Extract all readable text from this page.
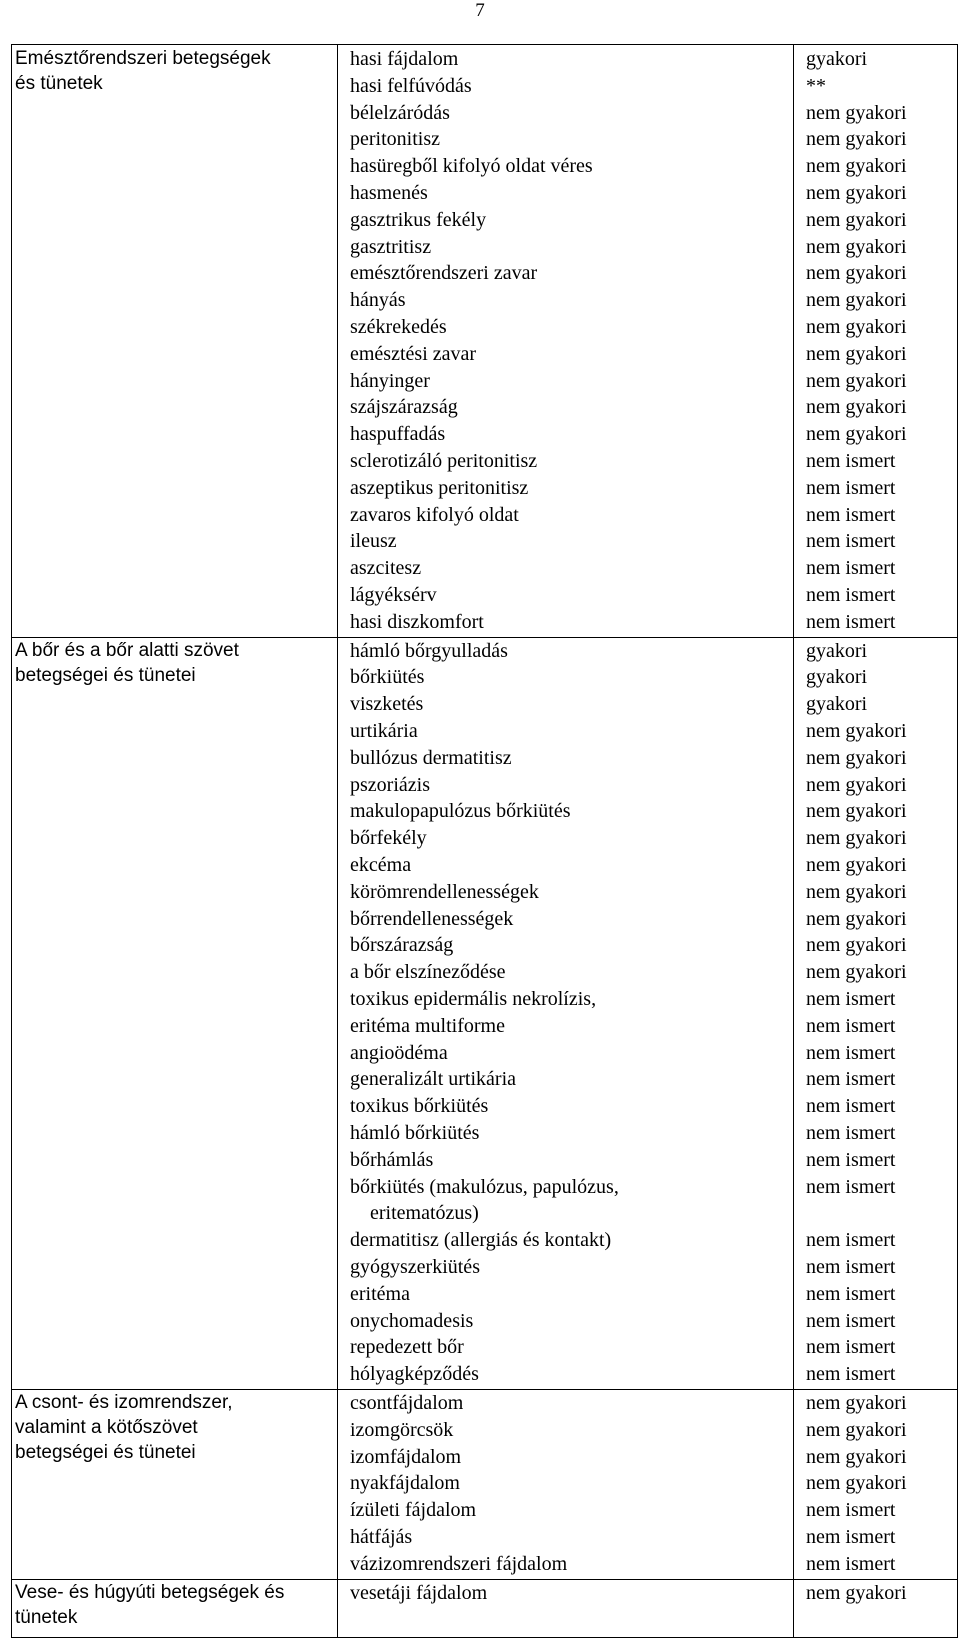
7
Emésztőrendszeri betegségek
és tünetek
hasi fájdalom
hasi felfúvódás
bélelzáródás
peritonitisz
hasüregből kifolyó oldat véres
hasmenés
gasztrikus fekély
gasztritisz
emésztőrendszeri zavar
hányás
székrekedés
emésztési zavar
hányinger
szájszárazság
haspuffadás
sclerotizáló peritonitisz
aszeptikus peritonitisz
zavaros kifolyó oldat
ileusz
aszcitesz
lágyéksérv
hasi diszkomfort
gyakori
**
nem gyakori
nem gyakori
nem gyakori
nem gyakori
nem gyakori
nem gyakori
nem gyakori
nem gyakori
nem gyakori
nem gyakori
nem gyakori
nem gyakori
nem gyakori
nem ismert
nem ismert
nem ismert
nem ismert
nem ismert
nem ismert
nem ismert
A bőr és a bőr alatti szövet
betegségei és tünetei
hámló bőrgyulladás
bőrkiütés
viszketés
urtikária
bullózus dermatitisz
pszoriázis
makulopapulózus bőrkiütés
bőrfekély
ekcéma
körömrendellenességek
bőrrendellenességek
bőrszárazság
a bőr elszíneződése
toxikus epidermális nekrolízis,
eritéma multiforme
angioödéma
generalizált urtikária
toxikus bőrkiütés
hámló bőrkiütés
bőrhámlás
bőrkiütés (makulózus, papulózus,
eritematózus)
dermatitisz (allergiás és kontakt)
gyógyszerkiütés
eritéma
onychomadesis
repedezett bőr
hólyagképződés
gyakori
gyakori
gyakori
nem gyakori
nem gyakori
nem gyakori
nem gyakori
nem gyakori
nem gyakori
nem gyakori
nem gyakori
nem gyakori
nem gyakori
nem ismert
nem ismert
nem ismert
nem ismert
nem ismert
nem ismert
nem ismert
nem ismert
nem ismert
nem ismert
nem ismert
nem ismert
nem ismert
nem ismert
A csont- és izomrendszer,
valamint a kötőszövet
betegségei és tünetei
csontfájdalom
izomgörcsök
izomfájdalom
nyakfájdalom
ízületi fájdalom
hátfájás
vázizomrendszeri fájdalom
nem gyakori
nem gyakori
nem gyakori
nem gyakori
nem ismert
nem ismert
nem ismert
Vese- és húgyúti betegségek és
tünetek
vesetáji fájdalom	nem gyakori
